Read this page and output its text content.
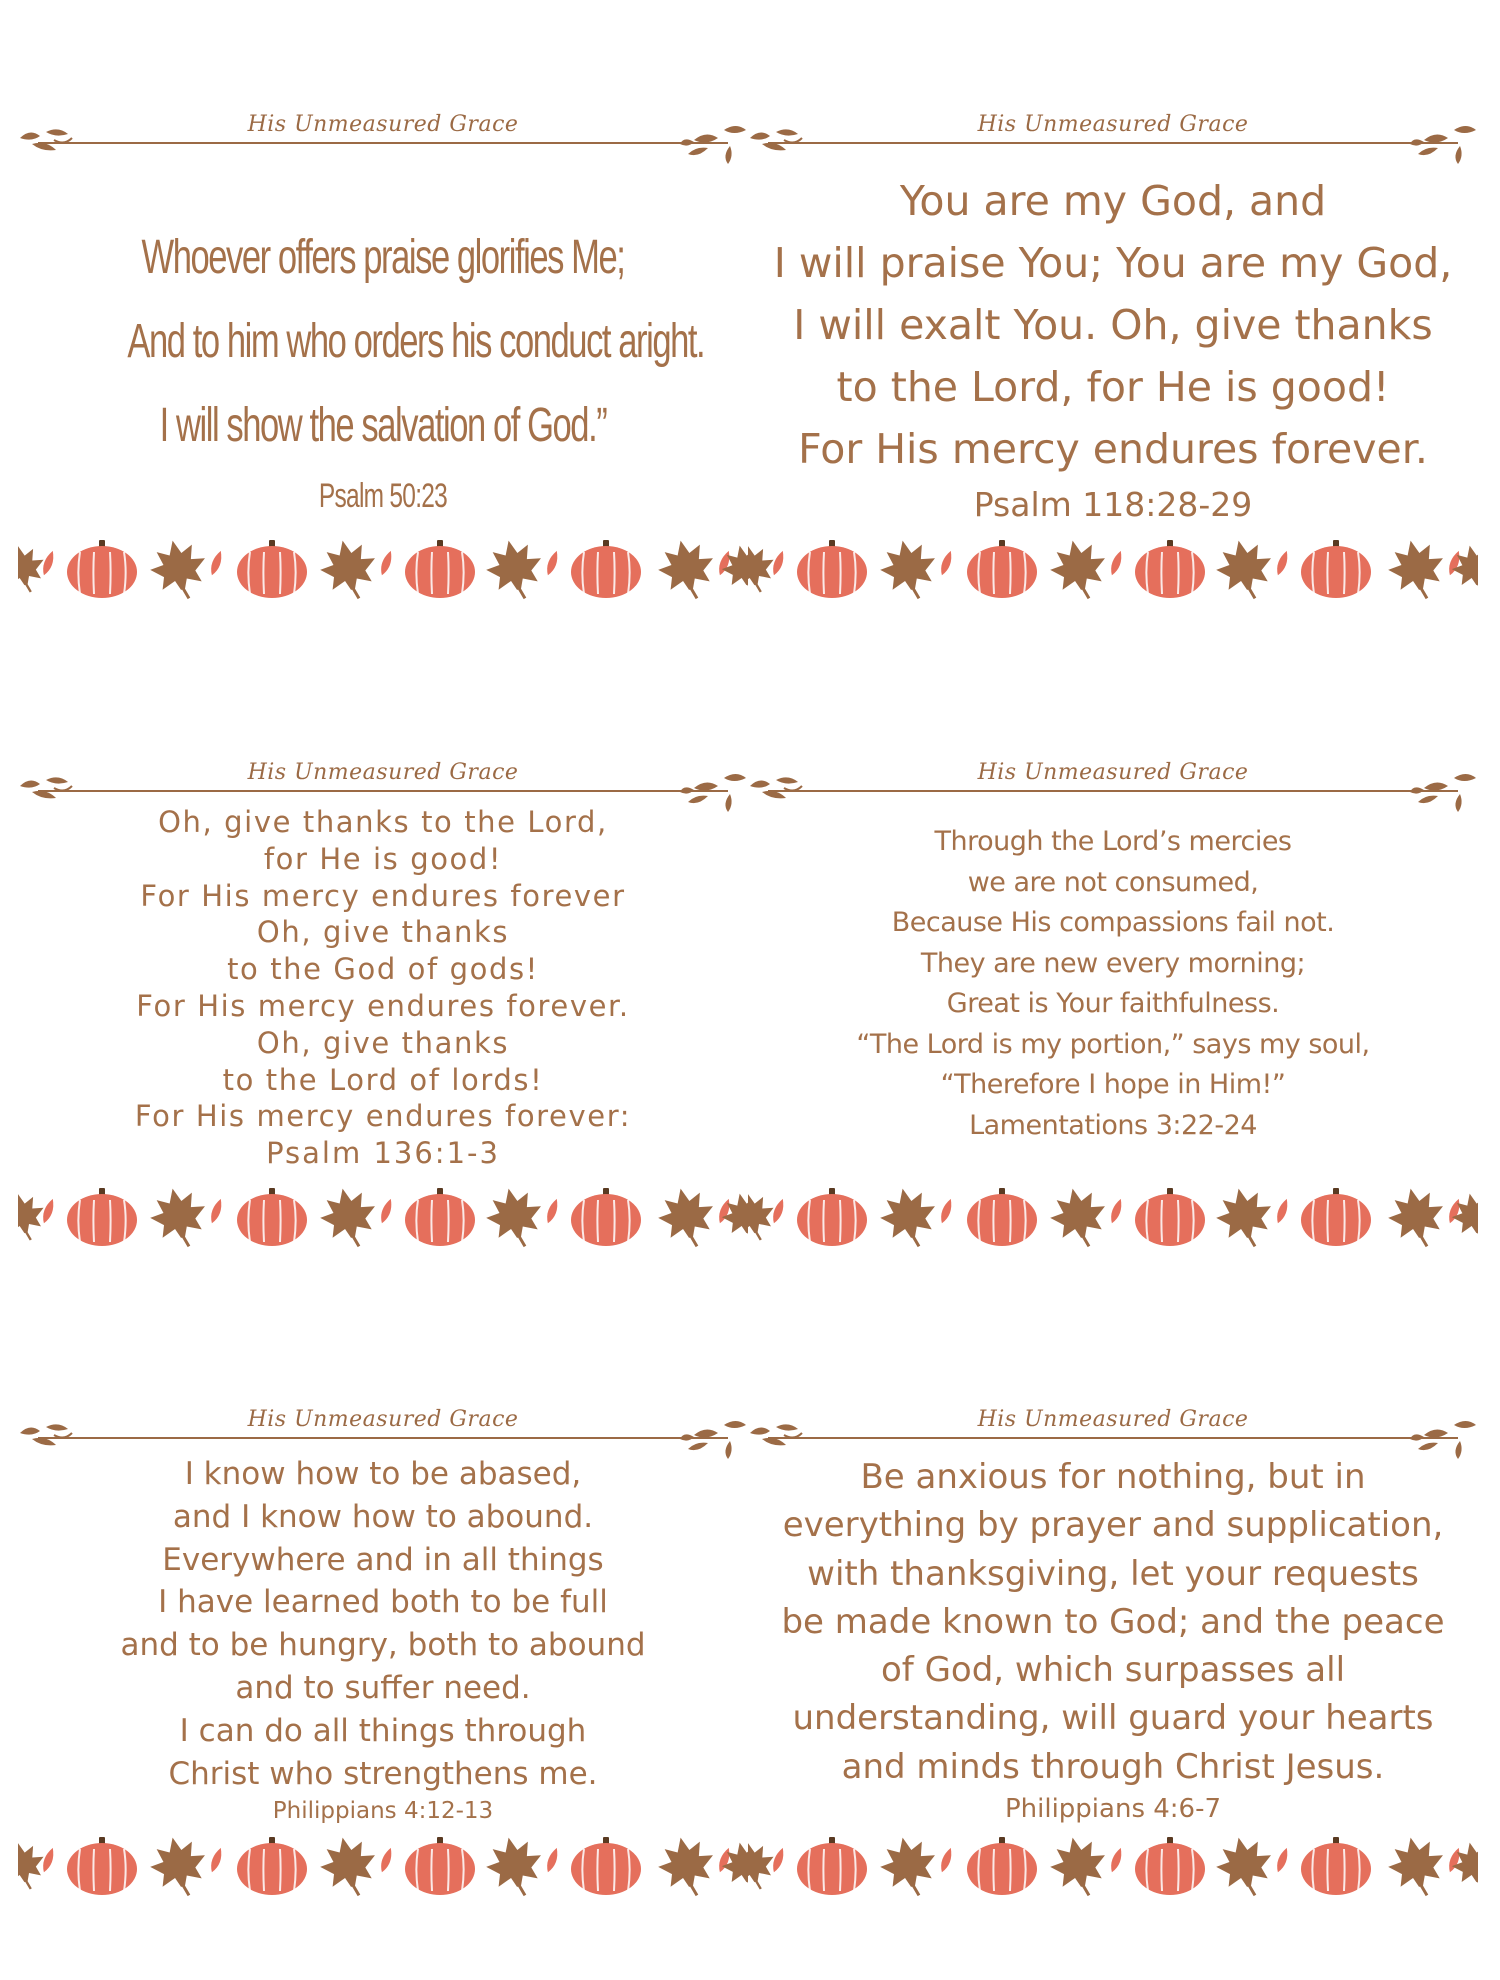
His Unmeasured Grace
Whoever offers praise glorifies Me;
And to him who orders his conduct aright.
I will show the salvation of God.”
Psalm 50:23
His Unmeasured Grace
You are my God, and
I will praise You; You are my God,
I will exalt You. Oh, give thanks
to the Lord, for He is good!
For His mercy endures forever.
Psalm 118:28-29
His Unmeasured Grace
Oh, give thanks to the Lord,
for He is good!
For His mercy endures forever
Oh, give thanks
to the God of gods!
For His mercy endures forever.
Oh, give thanks
to the Lord of lords!
For His mercy endures forever:
Psalm 136:1-3
His Unmeasured Grace
Through the Lord’s mercies
we are not consumed,
Because His compassions fail not.
They are new every morning;
Great is Your faithfulness.
“The Lord is my portion,” says my soul,
“Therefore I hope in Him!”
Lamentations 3:22-24
His Unmeasured Grace
I know how to be abased,
and I know how to abound.
Everywhere and in all things
I have learned both to be full
and to be hungry, both to abound
and to suffer need.
I can do all things through
Christ who strengthens me.
Philippians 4:12-13
His Unmeasured Grace
Be anxious for nothing, but in
everything by prayer and supplication,
with thanksgiving, let your requests
be made known to God; and the peace
of God, which surpasses all
understanding, will guard your hearts
and minds through Christ Jesus.
Philippians 4:6-7
